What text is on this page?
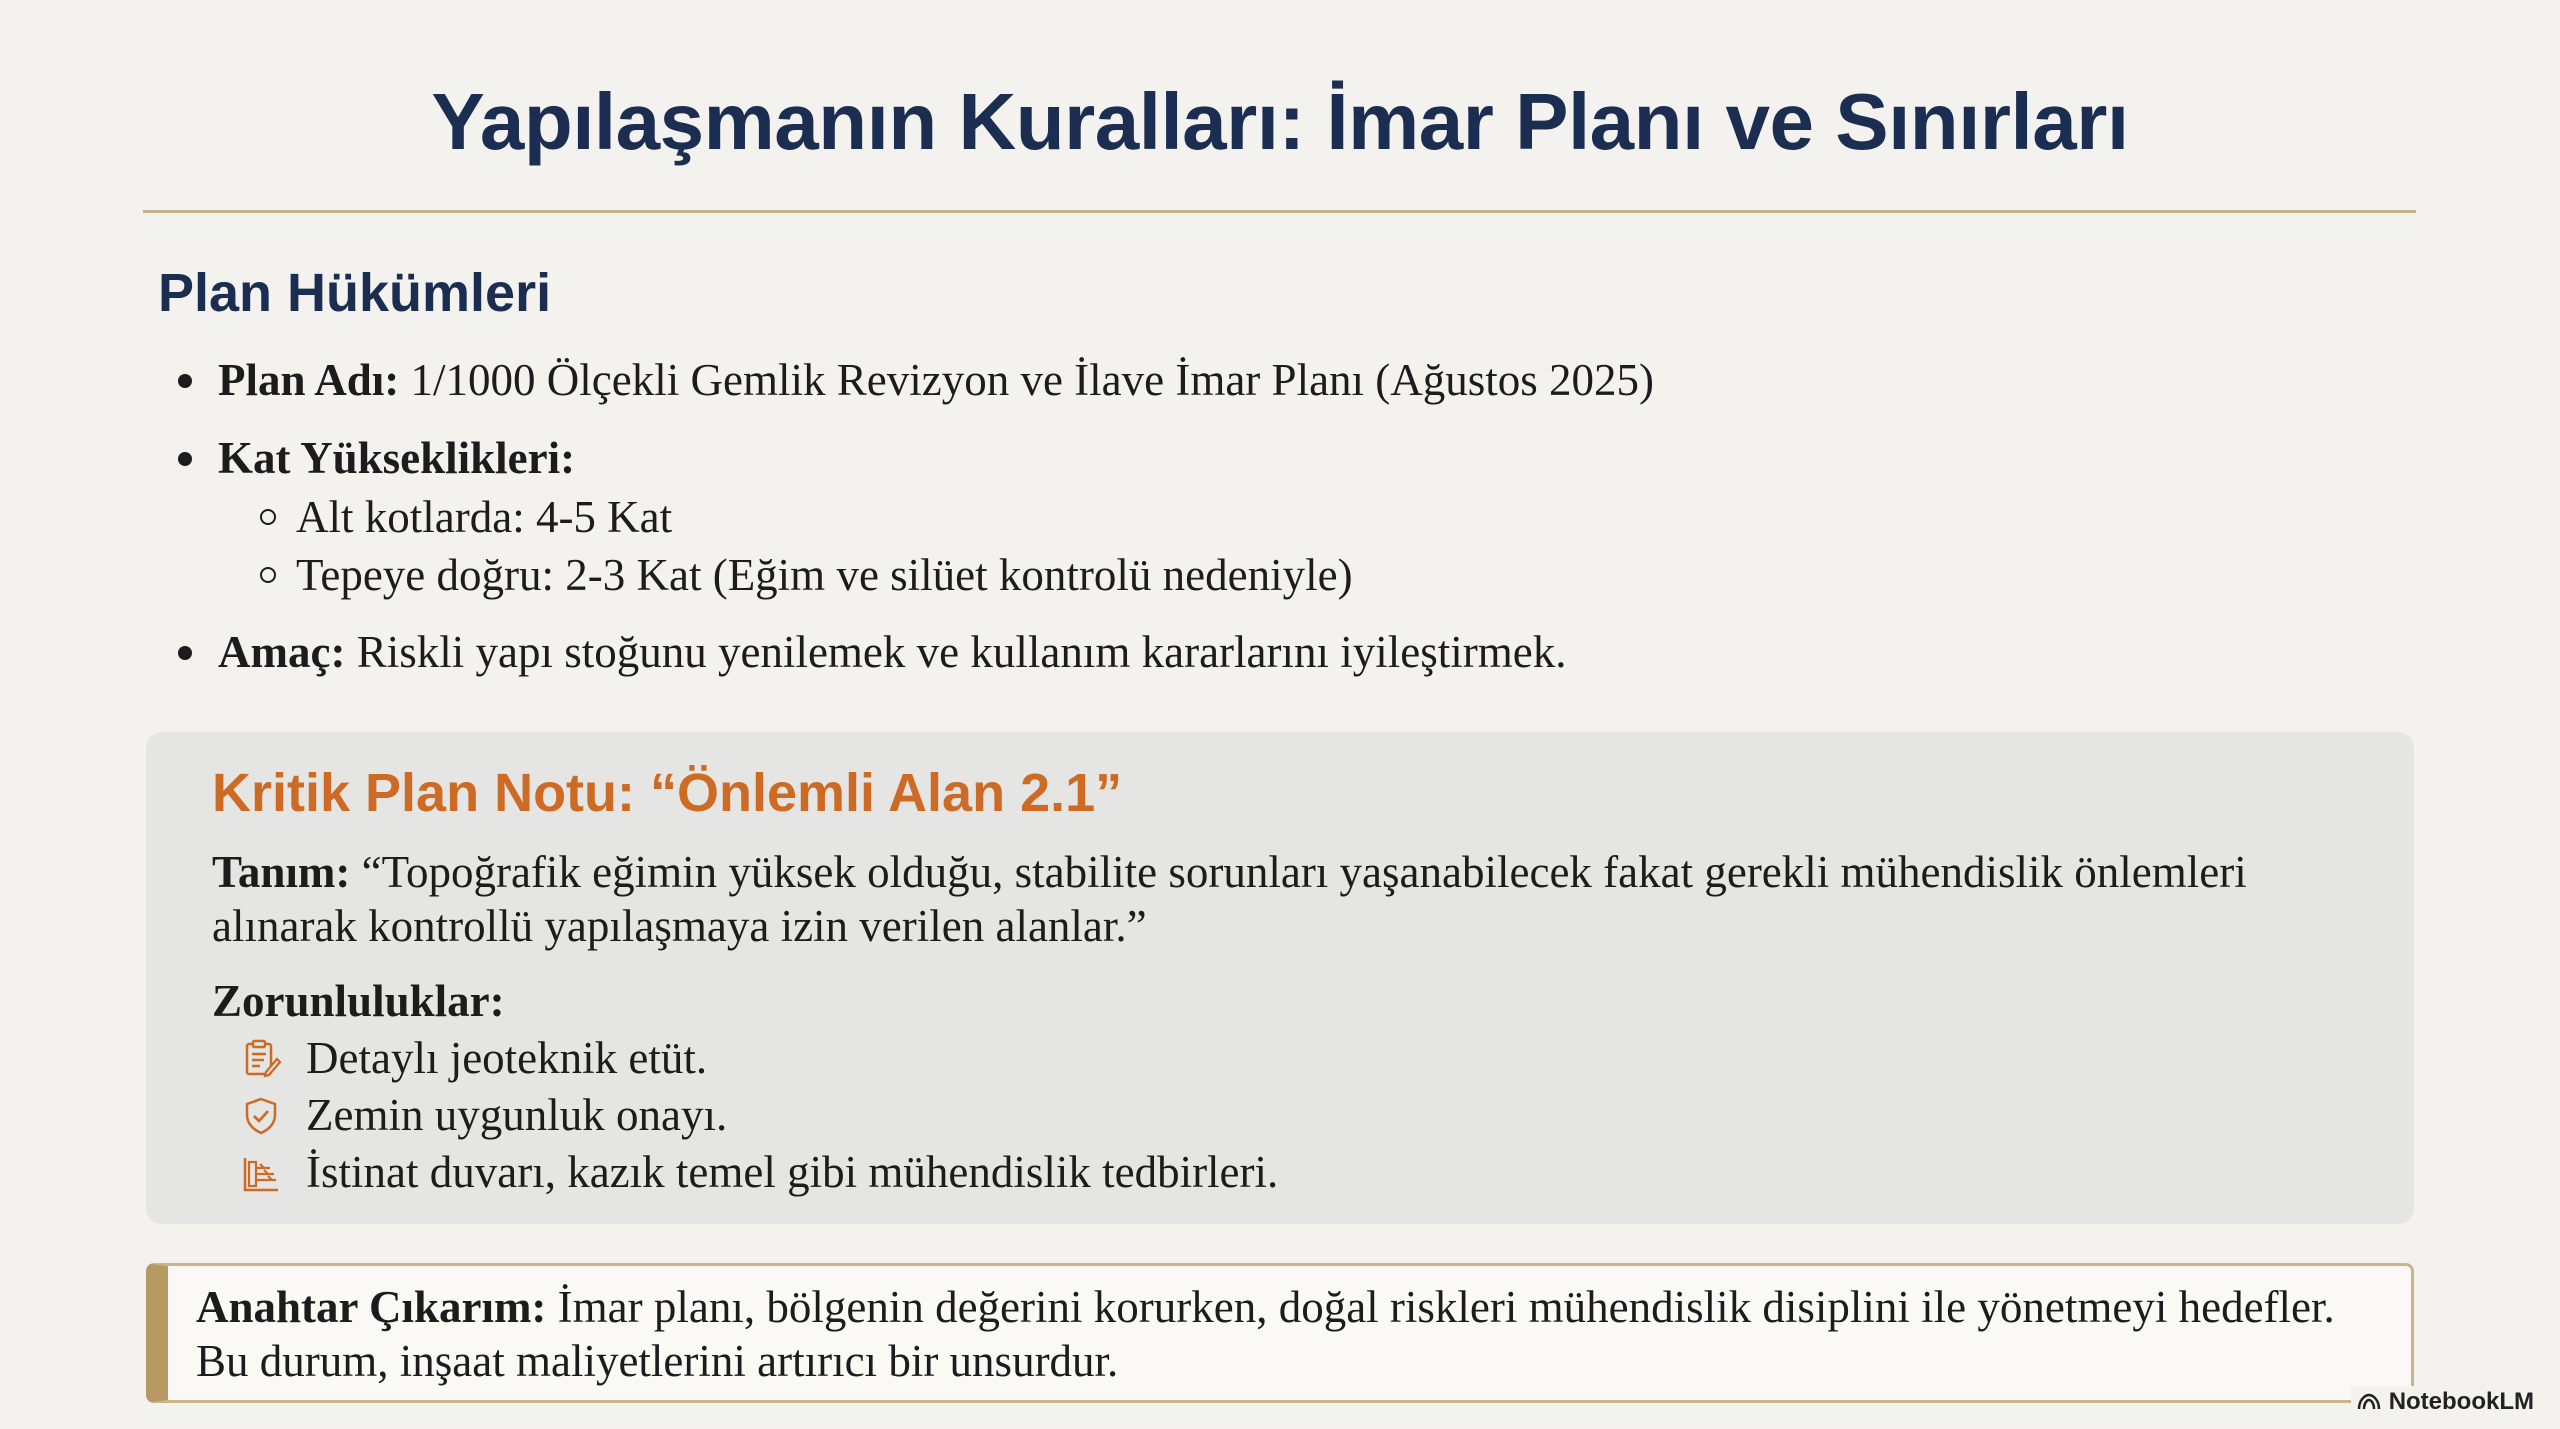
Yapılaşmanın Kuralları: İmar Planı ve Sınırları
Plan Hükümleri
Plan Adı: 1/1000 Ölçekli Gemlik Revizyon ve İlave İmar Planı (Ağustos 2025)
Kat Yükseklikleri:
Alt kotlarda: 4-5 Kat
Tepeye doğru: 2-3 Kat (Eğim ve silüet kontrolü nedeniyle)
Amaç: Riskli yapı stoğunu yenilemek ve kullanım kararlarını iyileştirmek.
Kritik Plan Notu: “Önlemli Alan 2.1”
Tanım: “Topoğrafik eğimin yüksek olduğu, stabilite sorunları yaşanabilecek fakat gerekli mühendislik önlemleri alınarak kontrollü yapılaşmaya izin verilen alanlar.”
Zorunluluklar:
Detaylı jeoteknik etüt.
Zemin uygunluk onayı.
İstinat duvarı, kazık temel gibi mühendislik tedbirleri.
Anahtar Çıkarım: İmar planı, bölgenin değerini korurken, doğal riskleri mühendislik disiplini ile yönetmeyi hedefler. Bu durum, inşaat maliyetlerini artırıcı bir unsurdur.
NotebookLM
